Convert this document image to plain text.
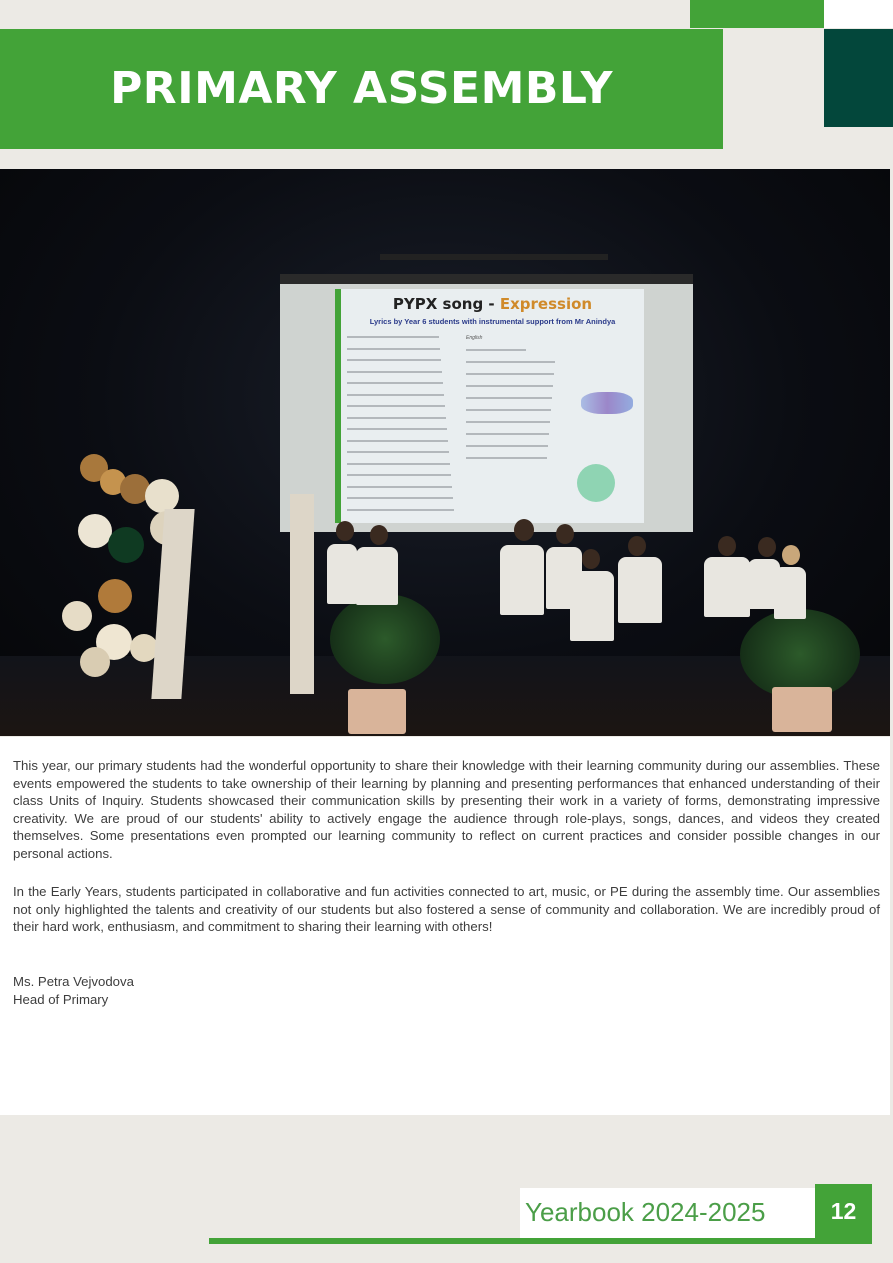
PRIMARY ASSEMBLY
PYPX song - Expression
Lyrics by Year 6 students with instrumental support from Mr Anindya
English
This year, our primary students had the wonderful opportunity to share their knowledge with their learning community during our assemblies. These events empowered the students to take ownership of their learning by planning and presenting performances that enhanced understanding of their class Units of Inquiry. Students showcased their communication skills by presenting their work in a variety of forms, demonstrating impressive creativity. We are proud of our students' ability to actively engage the audience through role-plays, songs, dances, and videos they created themselves. Some presentations even prompted our learning community to reflect on current practices and consider possible changes in our personal actions.
In the Early Years, students participated in collaborative and fun activities connected to art, music, or PE during the assembly time. Our assemblies not only highlighted the talents and creativity of our students but also fostered a sense of community and collaboration. We are incredibly proud of their hard work, enthusiasm, and commitment to sharing their learning with others!
Ms. Petra Vejvodova
Head of Primary
Yearbook 2024-2025	12
